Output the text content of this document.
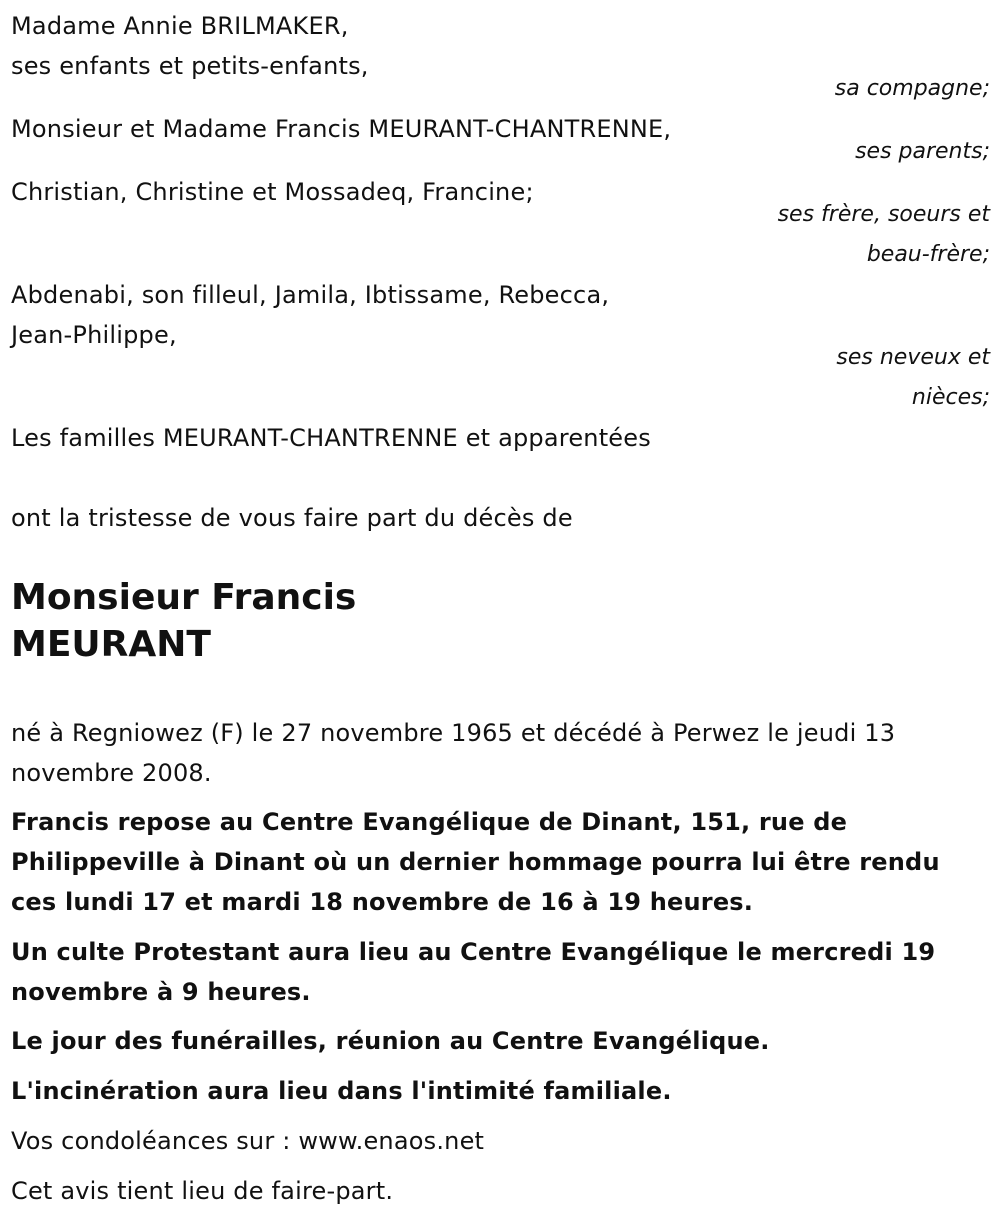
Madame Annie BRILMAKER,
ses enfants et petits-enfants,
sa compagne;
Monsieur et Madame Francis MEURANT-CHANTRENNE,
ses parents;
Christian, Christine et Mossadeq, Francine;
ses frère, soeurs et
beau-frère;
Abdenabi, son filleul, Jamila, Ibtissame, Rebecca,
Jean-Philippe,
ses neveux et
nièces;
Les familles MEURANT-CHANTRENNE et apparentées
ont la tristesse de vous faire part du décès de
Monsieur Francis
MEURANT
né à Regniowez (F) le 27 novembre 1965 et décédé à Perwez le jeudi 13
novembre 2008.
Francis repose au Centre Evangélique de Dinant, 151, rue de
Philippeville à Dinant où un dernier hommage pourra lui être rendu
ces lundi 17 et mardi 18 novembre de 16 à 19 heures.
Un culte Protestant aura lieu au Centre Evangélique le mercredi 19
novembre à 9 heures.
Le jour des funérailles, réunion au Centre Evangélique.
L'incinération aura lieu dans l'intimité familiale.
Vos condoléances sur : www.enaos.net
Cet avis tient lieu de faire-part.
